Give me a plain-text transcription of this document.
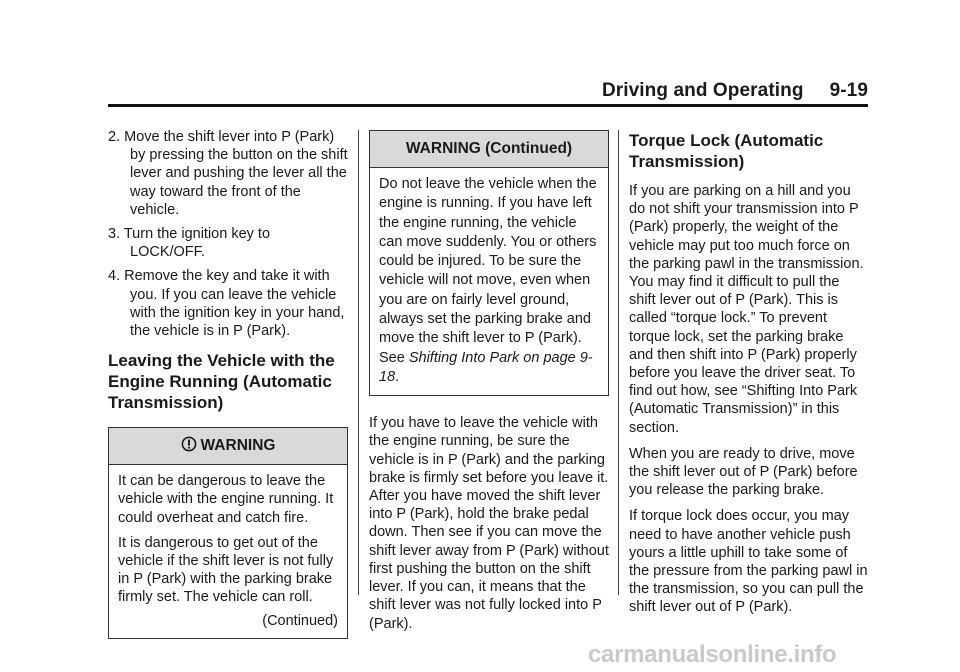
Driving and Operating 9-19

2. Move the shift lever into P (Park) by pressing the button on the shift lever and pushing the lever all the way toward the front of the vehicle.

3. Turn the ignition key to LOCK/OFF.

4. Remove the key and take it with you. If you can leave the vehicle with the ignition key in your hand, the vehicle is in P (Park).

Leaving the Vehicle with the Engine Running (Automatic Transmission)
WARNING

It can be dangerous to leave the vehicle with the engine running. It could overheat and catch fire.

It is dangerous to get out of the vehicle if the shift lever is not fully in P (Park) with the parking brake firmly set. The vehicle can roll.

(Continued)
WARNING (Continued)
Do not leave the vehicle when the engine is running. If you have left the engine running, the vehicle can move suddenly. You or others could be injured. To be sure the vehicle will not move, even when you are on fairly level ground, always set the parking brake and move the shift lever to P (Park). See Shifting Into Park on page 9-18.

If you have to leave the vehicle with the engine running, be sure the vehicle is in P (Park) and the parking brake is firmly set before you leave it. After you have moved the shift lever into P (Park), hold the brake pedal down. Then see if you can move the shift lever away from P (Park) without first pushing the button on the shift lever. If you can, it means that the shift lever was not fully locked into P (Park).

Torque Lock (Automatic Transmission)

If you are parking on a hill and you do not shift your transmission into P (Park) properly, the weight of the vehicle may put too much force on the parking pawl in the transmission. You may find it difficult to pull the shift lever out of P (Park). This is called “torque lock.” To prevent torque lock, set the parking brake and then shift into P (Park) properly before you leave the driver seat. To find out how, see “Shifting Into Park (Automatic Transmission)” in this section.

When you are ready to drive, move the shift lever out of P (Park) before you release the parking brake.

If torque lock does occur, you may need to have another vehicle push yours a little uphill to take some of the pressure from the parking pawl in the transmission, so you can pull the shift lever out of P (Park).

carmanualsonline.info
